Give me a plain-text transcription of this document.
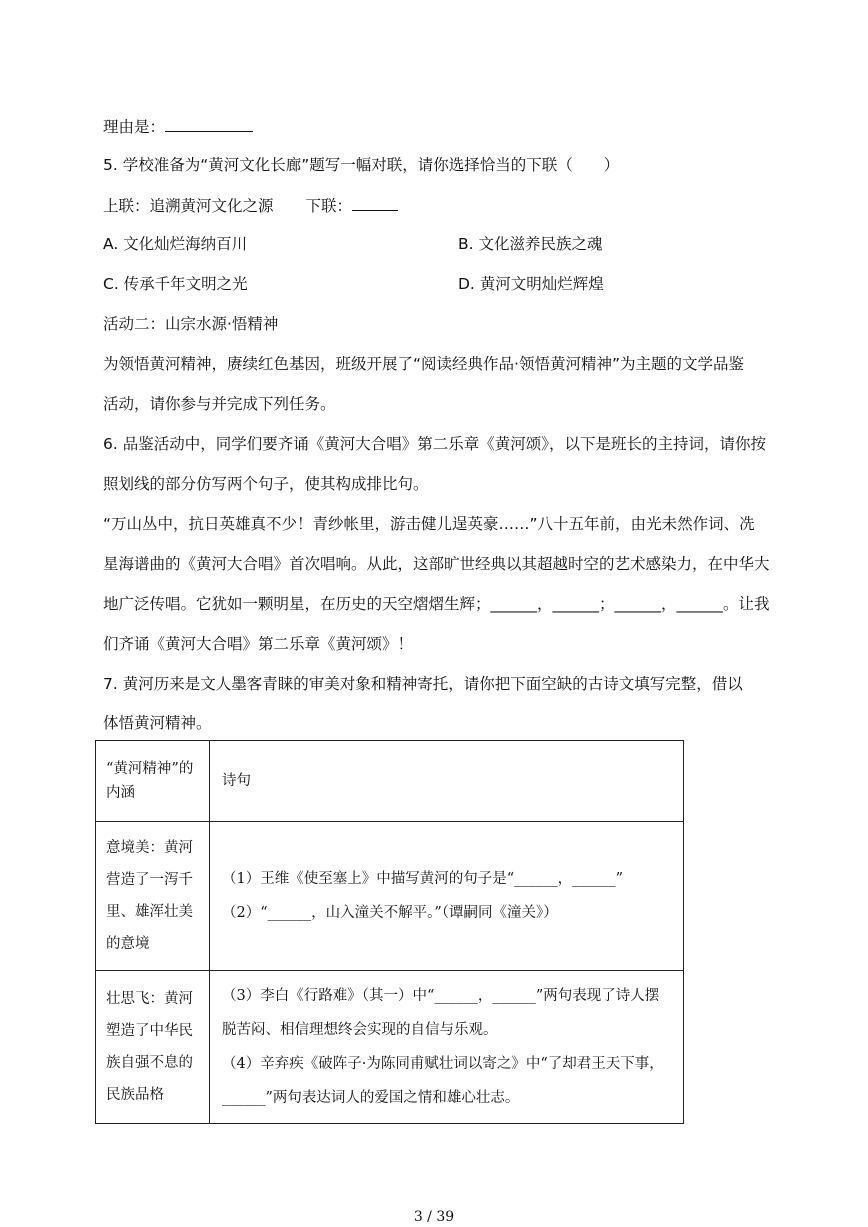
理由是：
5. 学校准备为“黄河文化长廊”题写一幅对联，请你选择恰当的下联（　　）
上联：追溯黄河文化之源 下联：
A. 文化灿烂海纳百川	B. 文化滋养民族之魂
C. 传承千年文明之光	D. 黄河文明灿烂辉煌
活动二：山宗水源·悟精神
为领悟黄河精神，赓续红色基因，班级开展了“阅读经典作品·领悟黄河精神”为主题的文学品鉴
活动，请你参与并完成下列任务。
6. 品鉴活动中，同学们要齐诵《黄河大合唱》第二乐章《黄河颂》，以下是班长的主持词，请你按
照划线的部分仿写两个句子，使其构成排比句。
“万山丛中，抗日英雄真不少！青纱帐里，游击健儿逞英豪……”八十五年前，由光未然作词、冼
星海谱曲的《黄河大合唱》首次唱响。从此，这部旷世经典以其超越时空的艺术感染力，在中华大
地广泛传唱。它犹如一颗明星，在历史的天空熠熠生辉；______，______；______，______。让我
们齐诵《黄河大合唱》第二乐章《黄河颂》！
7. 黄河历来是文人墨客青睐的审美对象和精神寄托，请你把下面空缺的古诗文填写完整，借以
体悟黄河精神。
“黄河精神”的内涵	诗句
意境美：黄河营造了一泻千里、雄浑壮美的意境	（1）王维《使至塞上》中描写黄河的句子是“______，______”
（2）“______，山入潼关不解平。”（谭嗣同《潼关》）

壮思飞：黄河塑造了中华民族自强不息的民族品格	（3）李白《行路难》（其一）中“______，______”两句表现了诗人摆脱苦闷、相信理想终会实现的自信与乐观。
（4）辛弃疾《破阵子·为陈同甫赋壮词以寄之》中“了却君王天下事，______”两句表达词人的爱国之情和雄心壮志。
3 / 39
